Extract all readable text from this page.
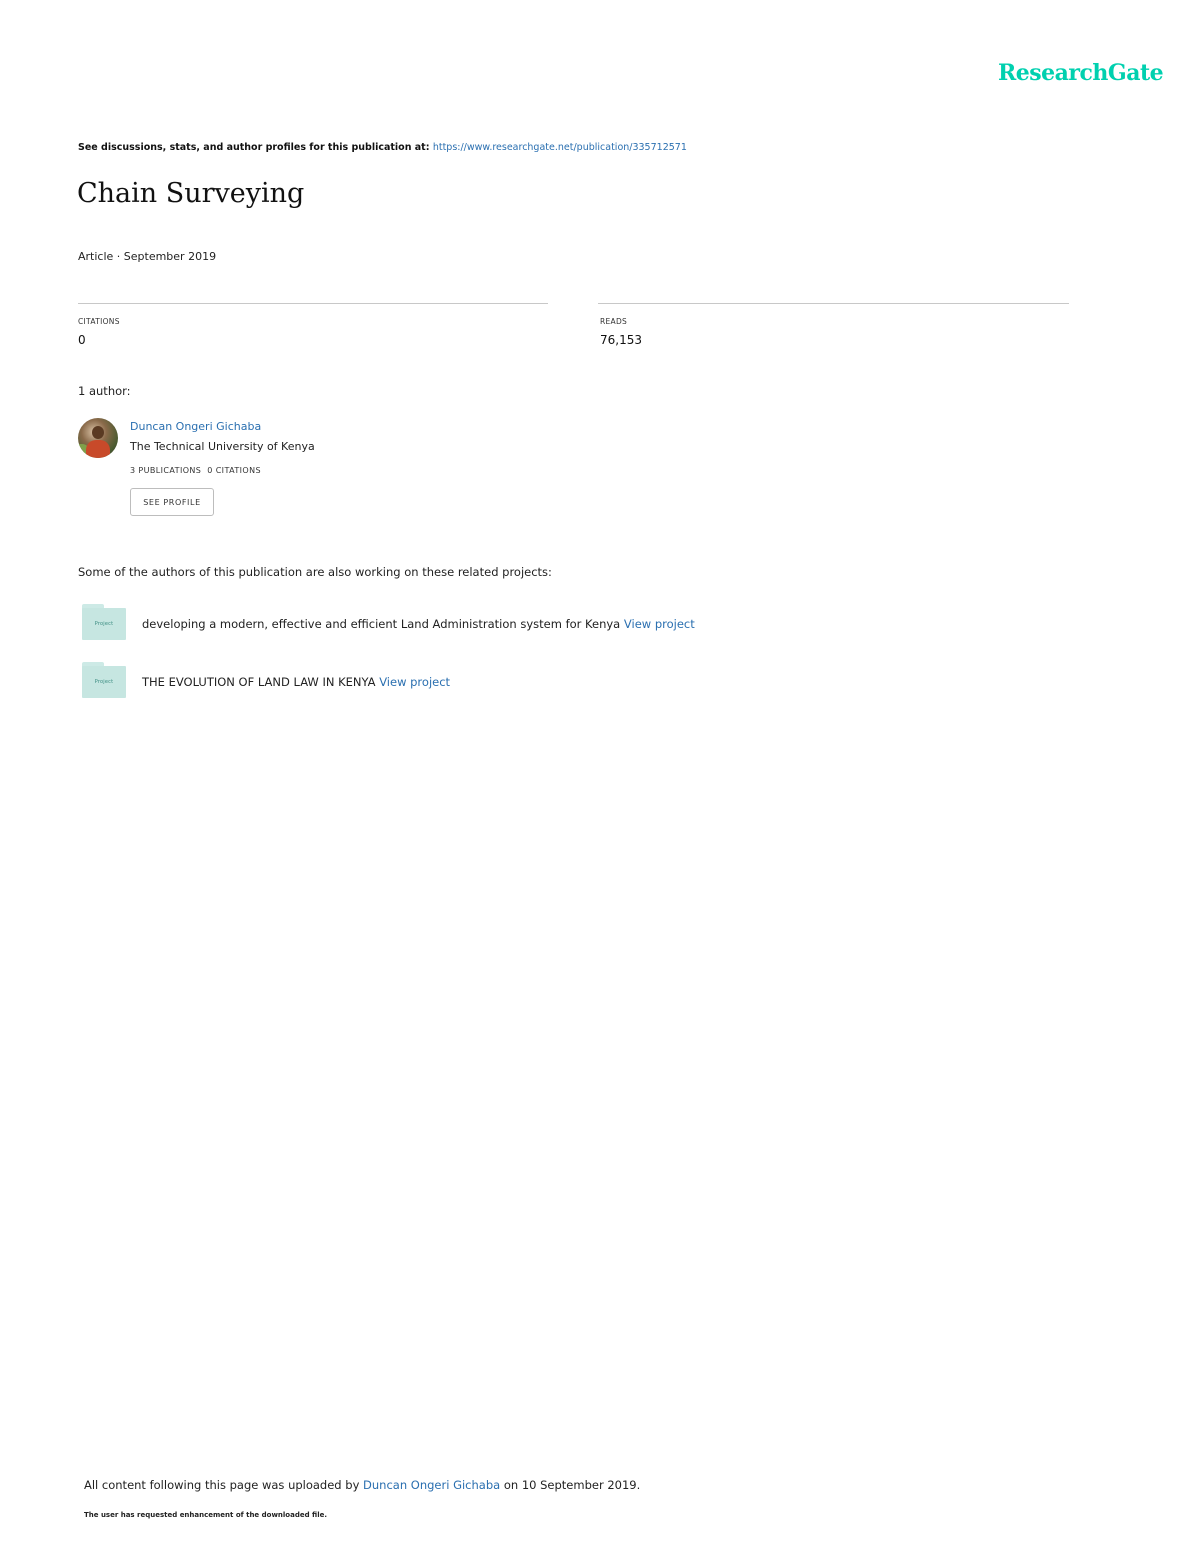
ResearchGate
See discussions, stats, and author profiles for this publication at: https://www.researchgate.net/publication/335712571
Chain Surveying
Article · September 2019
CITATIONS
0
READS
76,153
1 author:
Duncan Ongeri Gichaba
The Technical University of Kenya
3 PUBLICATIONS 0 CITATIONS
SEE PROFILE
Some of the authors of this publication are also working on these related projects:
Project	developing a modern, effective and efficient Land Administration system for Kenya View project
Project	THE EVOLUTION OF LAND LAW IN KENYA View project
All content following this page was uploaded by Duncan Ongeri Gichaba on 10 September 2019.
The user has requested enhancement of the downloaded file.
